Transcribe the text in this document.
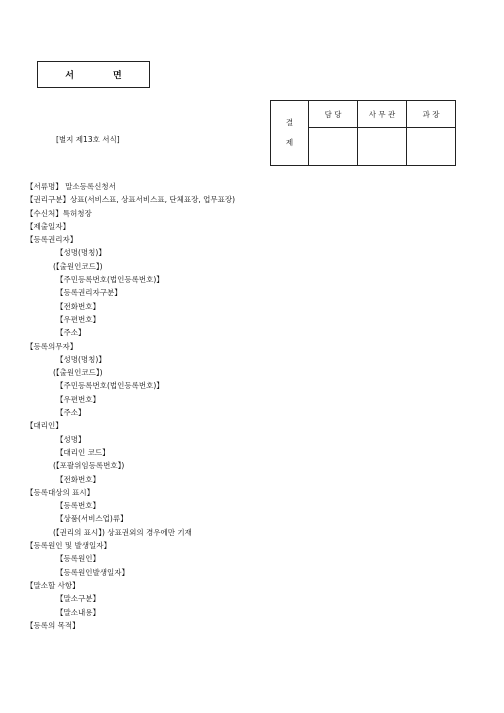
서 면
[별지 제13호 서식]
결
제	담 당	사 무 관	과 장

【서류명】 말소등록신청서
【권리구분】상표(서비스표, 상표서비스표, 단체표장, 업무표장)
【수신처】특허청장
【제출일자】
【등록권리자】
【성명(명칭)】
(【출원인코드】)
【주민등록번호(법인등록번호)】
【등록권리자구분】
【전화번호】
【우편번호】
【주소】
【등록의무자】
【성명(명칭)】
(【출원인코드】)
【주민등록번호(법인등록번호)】
【우편번호】
【주소】
【대리인】
【성명】
【대리인 코드】
(【포괄위임등록번호】)
【전화번호】
【등록대상의 표시】
【등록번호】
【상품(서비스업)류】
(【권리의 표시】) 상표권외의 경우에만 기재
【등록원인 및 발생일자】
【등록원인】
【등록원인발생일자】
【말소할 사항】
【말소구분】
【말소내용】
【등록의 목적】
